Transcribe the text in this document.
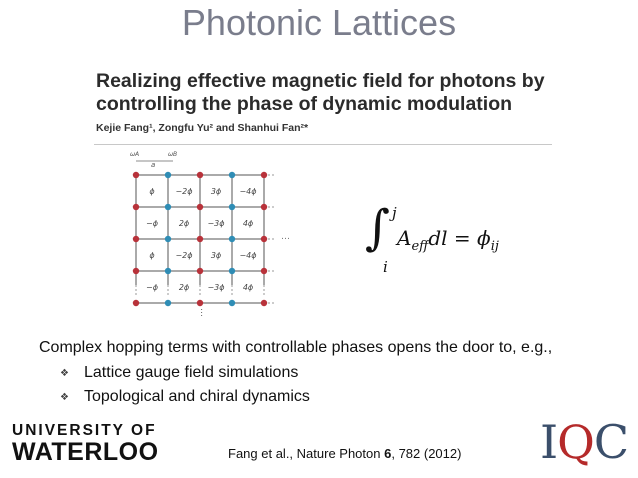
Photonic Lattices
Realizing effective magnetic field for photons by
controlling the phase of dynamic modulation
Kejie Fang¹, Zongfu Yu² and Shanhui Fan²*
ϕ	−2ϕ 3ϕ −4ϕ
−ϕ	2ϕ −3ϕ 4ϕ
ϕ	−2ϕ 3ϕ −4ϕ
−ϕ	2ϕ −3ϕ 4ϕ
ωA	ωB
a
…
…
∫ j
i
$A_{eff}dl = \phi_{ij}$
Complex hopping terms with controllable phases opens the door to, e.g.,
❖ Lattice gauge field simulations
❖ Topological and chiral dynamics
UNIVERSITY OF
WATERLOO	Fang et al., Nature Photon 6, 782 (2012) IQC
